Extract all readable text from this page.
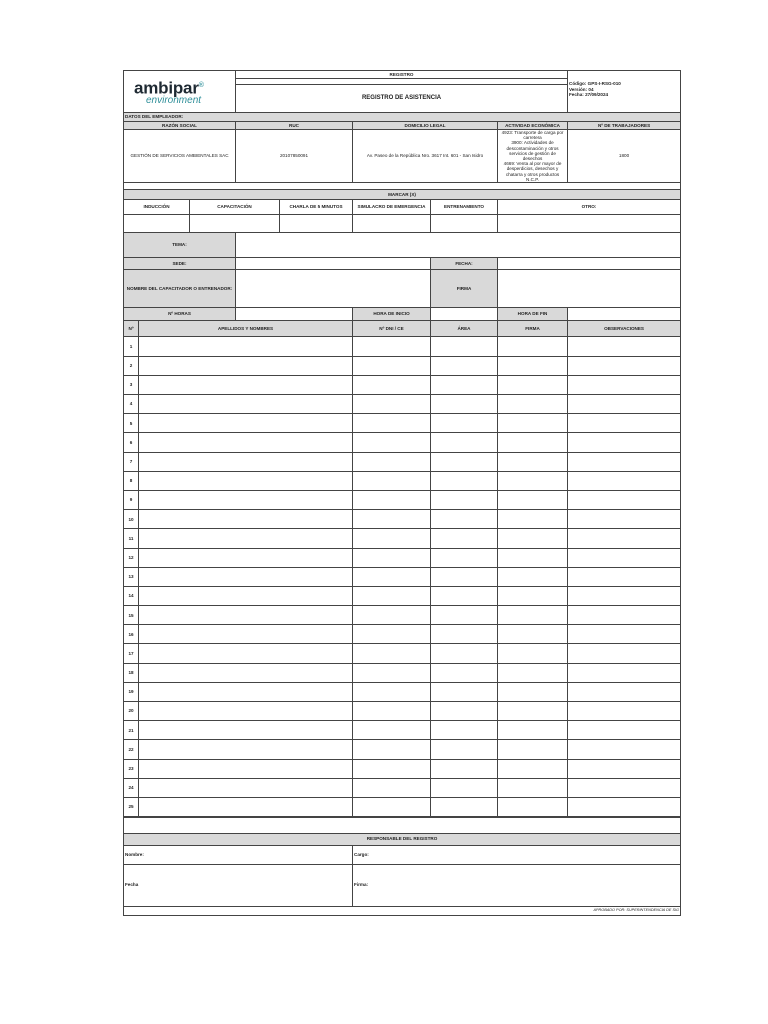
ambipar®
environment			REGISTRO					

			REGISTRO DE ASISTENCIA					
DATOS DEL EMPLEADOR:								
RAZÓN SOCIAL			RUC		DOMICILIO LEGAL		ACTIVIDAD ECONÓMICA	Nº DE TRABAJADORES
GESTIÓN DE SERVICIOS AMBIENTALES SAC			20107850091		Av. Paseo de la República Nro. 3617 Int. 601 - San Isidro		4923: Transporte de carga por carretera
3900: Actividades de descontaminación y otros servicios de gestión de desechos
4669: Venta al por mayor de desperdicios, desechos y chatarra y otros productos N.C.P.	1800

MARCAR (X)								
INDUCCIÓN		CAPACITACIÓN		CHARLA DE 5 MINUTOS	SIMULACRO DE EMERGENCIA	ENTRENAMIENTO	OTRO:	

TEMA:								
SEDE:						FECHA:		
NOMBRE DEL CAPACITADOR O ENTRENADOR:						FIRMA		
Nº HORAS					HORA DE INICIO		HORA DE FIN	
Nº	APELLIDOS Y NOMBRES				Nº DNI / CE	ÁREA	FIRMA	OBSERVACIONES
1					
2					
3					
4					
5					
6					
7					
8					
9					
10					
11					
12					
13					
14					
15					
16					
17					
18					
19					
20					
21					
22					
23					
24					
25					

RESPONSABLE DEL REGISTRO	
Nombre:	Cargo:
Fecha	Firma:
APROBADO POR: SUPERINTENDENCIA DE SIG	
Código: GPS-I-RSG-010
Versión: 04
Fecha: 27/09/2024
